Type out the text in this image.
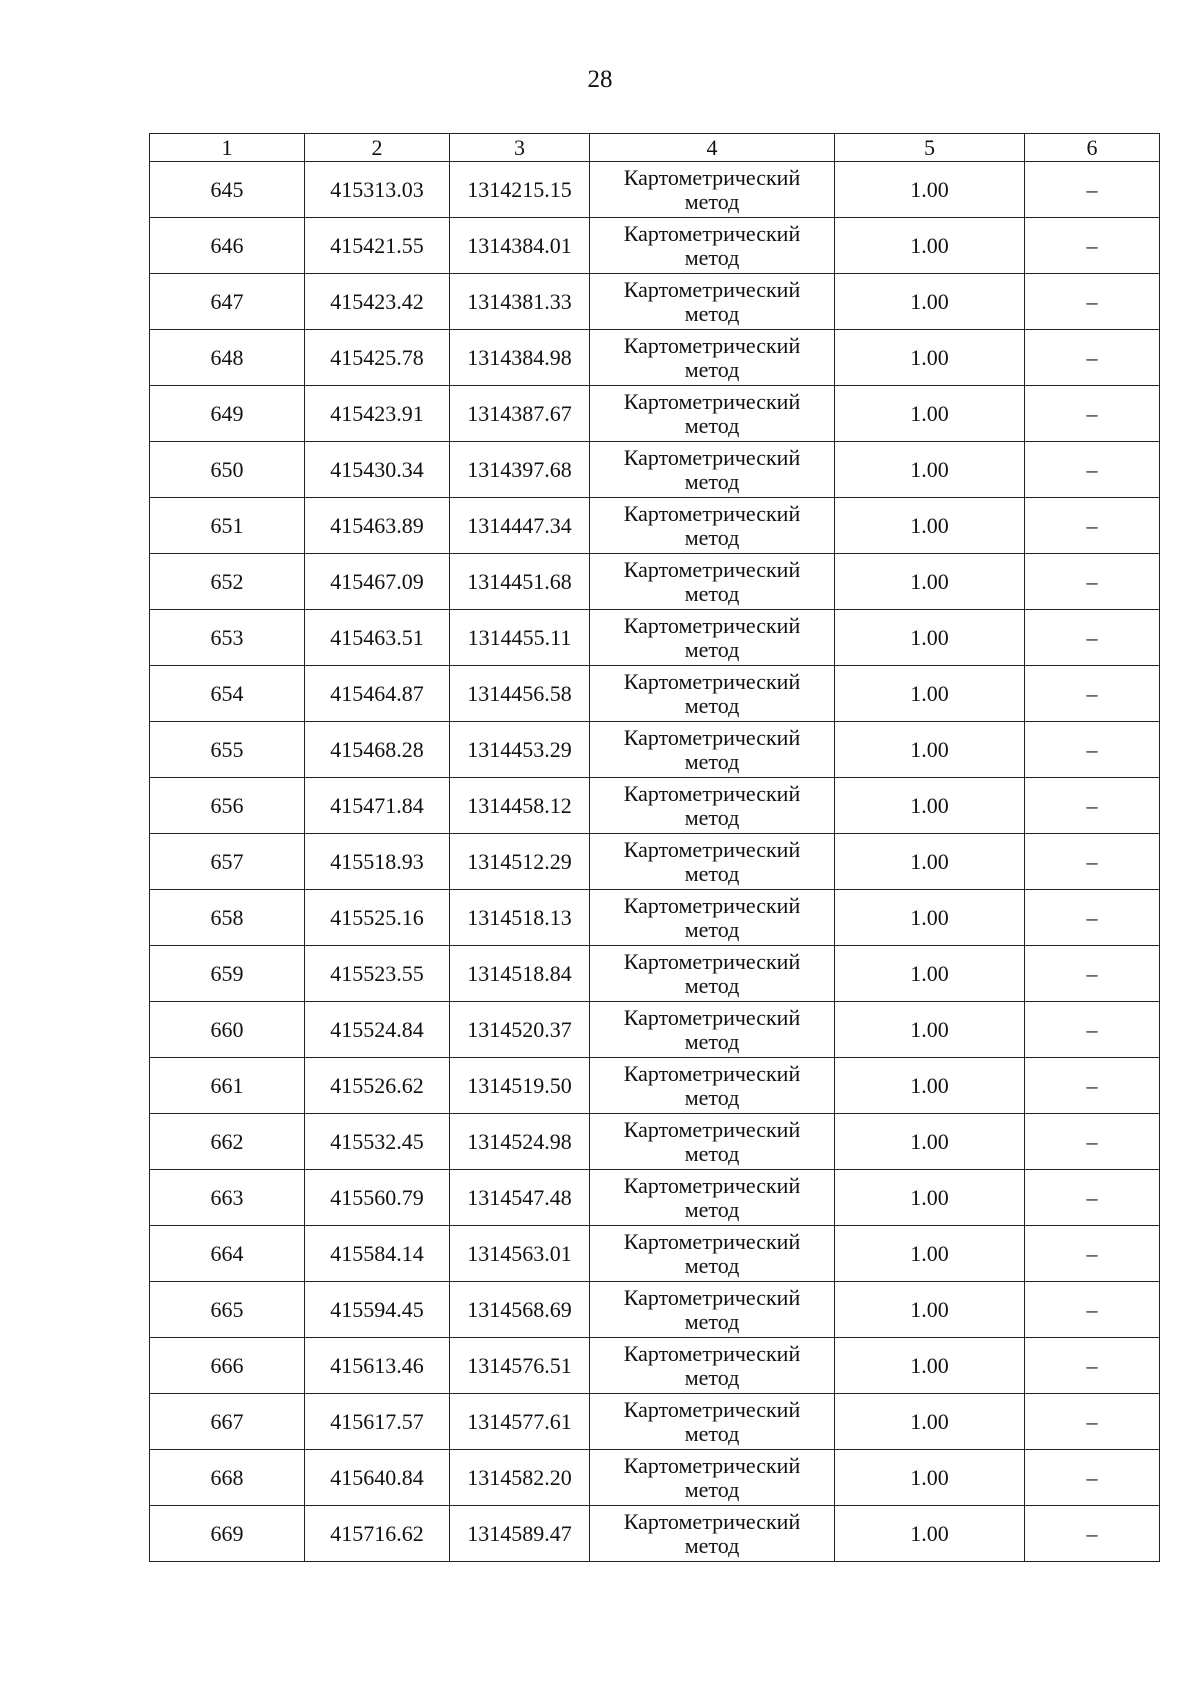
28
1	2	3	4	5	6
645	415313.03	1314215.15	Картометрический
метод	1.00	–
646	415421.55	1314384.01	Картометрический
метод	1.00	–
647	415423.42	1314381.33	Картометрический
метод	1.00	–
648	415425.78	1314384.98	Картометрический
метод	1.00	–
649	415423.91	1314387.67	Картометрический
метод	1.00	–
650	415430.34	1314397.68	Картометрический
метод	1.00	–
651	415463.89	1314447.34	Картометрический
метод	1.00	–
652	415467.09	1314451.68	Картометрический
метод	1.00	–
653	415463.51	1314455.11	Картометрический
метод	1.00	–
654	415464.87	1314456.58	Картометрический
метод	1.00	–
655	415468.28	1314453.29	Картометрический
метод	1.00	–
656	415471.84	1314458.12	Картометрический
метод	1.00	–
657	415518.93	1314512.29	Картометрический
метод	1.00	–
658	415525.16	1314518.13	Картометрический
метод	1.00	–
659	415523.55	1314518.84	Картометрический
метод	1.00	–
660	415524.84	1314520.37	Картометрический
метод	1.00	–
661	415526.62	1314519.50	Картометрический
метод	1.00	–
662	415532.45	1314524.98	Картометрический
метод	1.00	–
663	415560.79	1314547.48	Картометрический
метод	1.00	–
664	415584.14	1314563.01	Картометрический
метод	1.00	–
665	415594.45	1314568.69	Картометрический
метод	1.00	–
666	415613.46	1314576.51	Картометрический
метод	1.00	–
667	415617.57	1314577.61	Картометрический
метод	1.00	–
668	415640.84	1314582.20	Картометрический
метод	1.00	–
669	415716.62	1314589.47	Картометрический
метод	1.00	–
